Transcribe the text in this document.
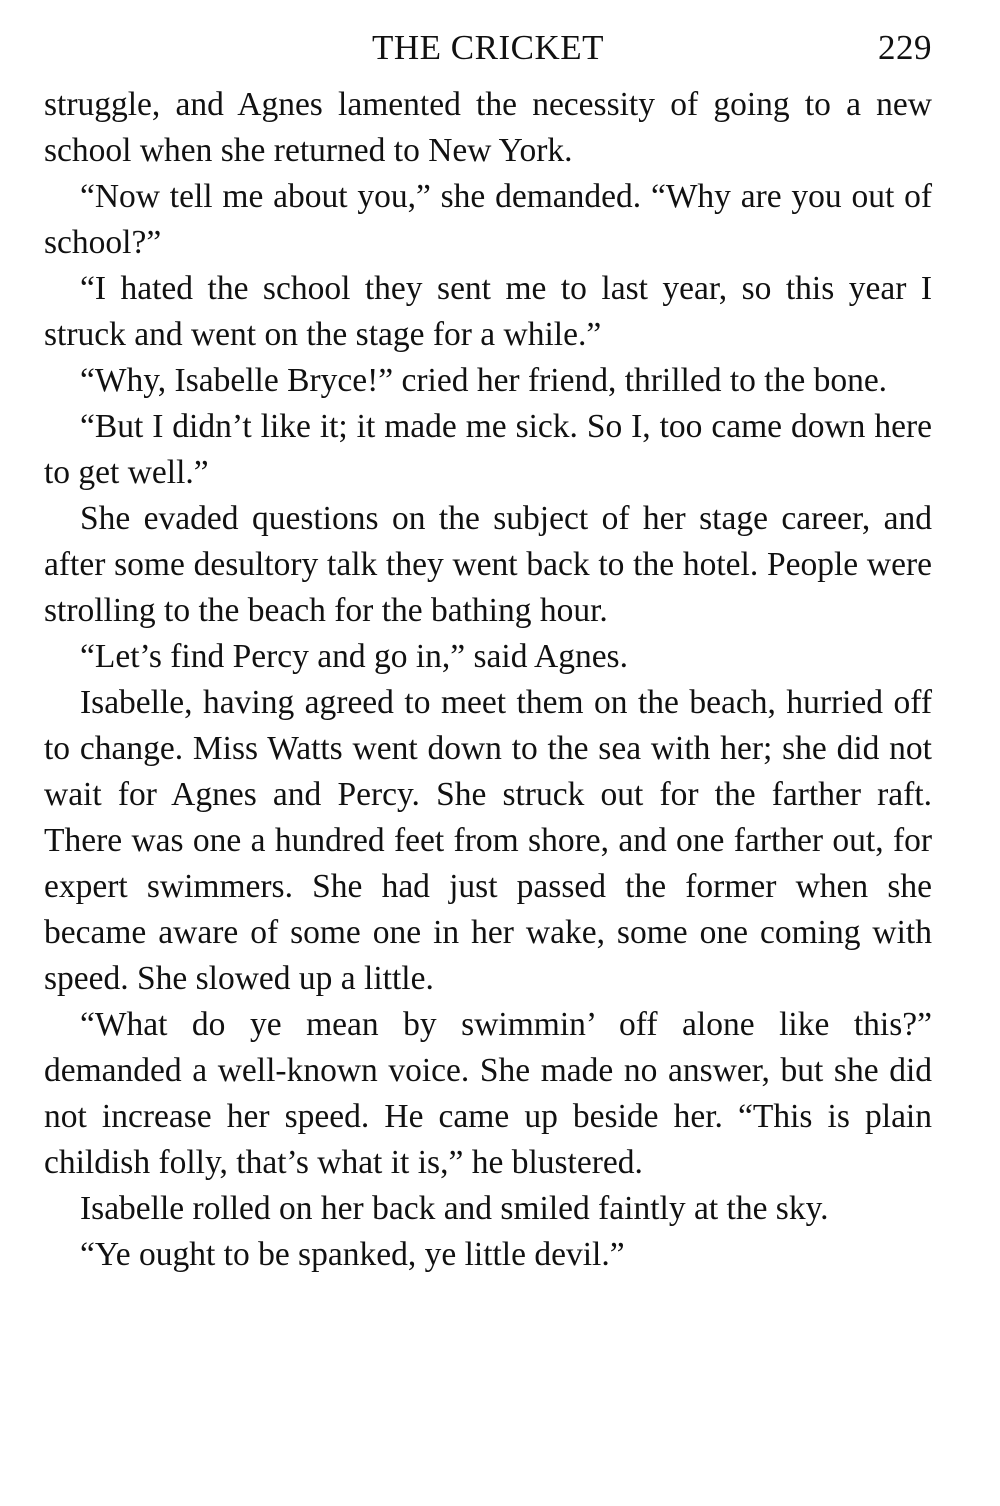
THE CRICKET	229

struggle, and Agnes lamented the necessity of going to a new school when she returned to New York.

“Now tell me about you,” she demanded. “Why are you out of school?”

“I hated the school they sent me to last year, so this year I struck and went on the stage for a while.”

“Why, Isabelle Bryce!” cried her friend, thrilled to the bone.

“But I didn’t like it; it made me sick. So I, too came down here to get well.”

She evaded questions on the subject of her stage career, and after some desultory talk they went back to the hotel. People were strolling to the beach for the bathing hour.

“Let’s find Percy and go in,” said Agnes.

Isabelle, having agreed to meet them on the beach, hurried off to change. Miss Watts went down to the sea with her; she did not wait for Agnes and Percy. She struck out for the farther raft. There was one a hundred feet from shore, and one farther out, for expert swimmers. She had just passed the former when she became aware of some one in her wake, some one coming with speed. She slowed up a little.

“What do ye mean by swimmin’ off alone like this?” demanded a well-known voice. She made no answer, but she did not increase her speed. He came up beside her. “This is plain childish folly, that’s what it is,” he blustered.

Isabelle rolled on her back and smiled faintly at the sky.

“Ye ought to be spanked, ye little devil.”
